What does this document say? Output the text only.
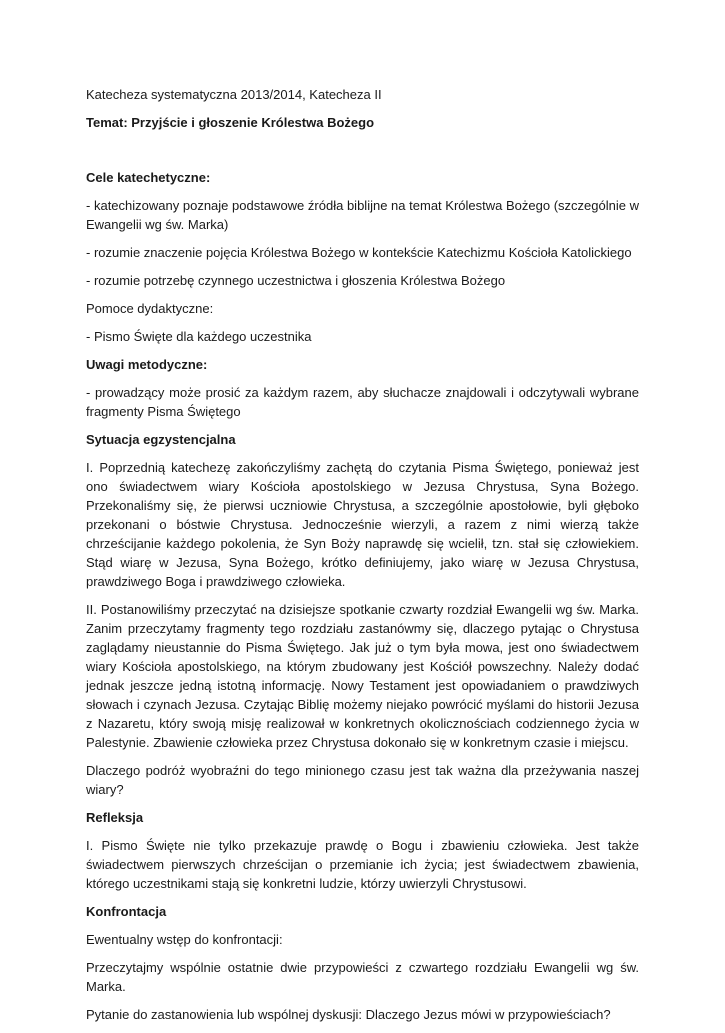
Katecheza systematyczna 2013/2014, Katecheza II

Temat: Przyjście i głoszenie Królestwa Bożego

Cele katechetyczne:

- katechizowany poznaje podstawowe źródła biblijne na temat Królestwa Bożego (szczególnie w Ewangelii wg św. Marka)

- rozumie znaczenie pojęcia Królestwa Bożego w kontekście Katechizmu Kościoła Katolickiego

- rozumie potrzebę czynnego uczestnictwa i głoszenia Królestwa Bożego

Pomoce dydaktyczne:

- Pismo Święte dla każdego uczestnika

Uwagi metodyczne:

- prowadzący może prosić za każdym razem, aby słuchacze znajdowali i odczytywali wybrane fragmenty Pisma Świętego

Sytuacja egzystencjalna

I. Poprzednią katechezę zakończyliśmy zachętą do czytania Pisma Świętego, ponieważ jest ono świadectwem wiary Kościoła apostolskiego w Jezusa Chrystusa, Syna Bożego. Przekonaliśmy się, że pierwsi uczniowie Chrystusa, a szczególnie apostołowie, byli głęboko przekonani o bóstwie Chrystusa. Jednocześnie wierzyli, a razem z nimi wierzą także chrześcijanie każdego pokolenia, że Syn Boży naprawdę się wcielił, tzn. stał się człowiekiem. Stąd wiarę w Jezusa, Syna Bożego, krótko definiujemy, jako wiarę w Jezusa Chrystusa, prawdziwego Boga i prawdziwego człowieka.

II. Postanowiliśmy przeczytać na dzisiejsze spotkanie czwarty rozdział Ewangelii wg św. Marka. Zanim przeczytamy fragmenty tego rozdziału zastanówmy się, dlaczego pytając o Chrystusa zaglądamy nieustannie do Pisma Świętego. Jak już o tym była mowa, jest ono świadectwem wiary Kościoła apostolskiego, na którym zbudowany jest Kościół powszechny. Należy dodać jednak jeszcze jedną istotną informację. Nowy Testament jest opowiadaniem o prawdziwych słowach i czynach Jezusa. Czytając Biblię możemy niejako powrócić myślami do historii Jezusa z Nazaretu, który swoją misję realizował w konkretnych okolicznościach codziennego życia w Palestynie. Zbawienie człowieka przez Chrystusa dokonało się w konkretnym czasie i miejscu.

Dlaczego podróż wyobraźni do tego minionego czasu jest tak ważna dla przeżywania naszej wiary?

Refleksja

I. Pismo Święte nie tylko przekazuje prawdę o Bogu i zbawieniu człowieka. Jest także świadectwem pierwszych chrześcijan o przemianie ich życia; jest świadectwem zbawienia, którego uczestnikami stają się konkretni ludzie, którzy uwierzyli Chrystusowi.

Konfrontacja

Ewentualny wstęp do konfrontacji:

Przeczytajmy wspólnie ostatnie dwie przypowieści z czwartego rozdziału Ewangelii wg św. Marka.

Pytanie do zastanowienia lub wspólnej dyskusji: Dlaczego Jezus mówi w przypowieściach?
